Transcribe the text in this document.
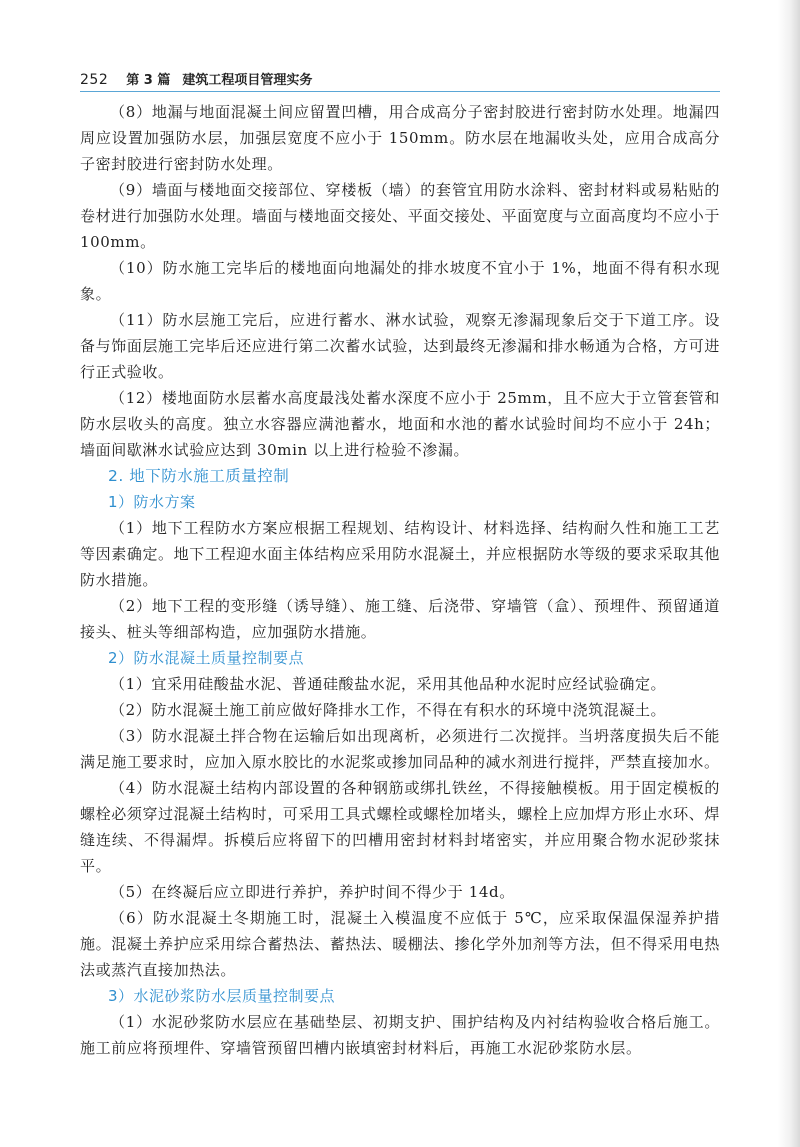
252 第 3 篇 建筑工程项目管理实务

（8）地漏与地面混凝土间应留置凹槽，用合成高分子密封胶进行密封防水处理。地漏四周应设置加强防水层，加强层宽度不应小于 150mm。防水层在地漏收头处，应用合成高分子密封胶进行密封防水处理。

（9）墙面与楼地面交接部位、穿楼板（墙）的套管宜用防水涂料、密封材料或易粘贴的卷材进行加强防水处理。墙面与楼地面交接处、平面交接处、平面宽度与立面高度均不应小于 100mm。

（10）防水施工完毕后的楼地面向地漏处的排水坡度不宜小于 1%，地面不得有积水现象。

（11）防水层施工完后，应进行蓄水、淋水试验，观察无渗漏现象后交于下道工序。设备与饰面层施工完毕后还应进行第二次蓄水试验，达到最终无渗漏和排水畅通为合格，方可进行正式验收。

（12）楼地面防水层蓄水高度最浅处蓄水深度不应小于 25mm，且不应大于立管套管和防水层收头的高度。独立水容器应满池蓄水，地面和水池的蓄水试验时间均不应小于 24h；墙面间歇淋水试验应达到 30min 以上进行检验不渗漏。

2. 地下防水施工质量控制

1）防水方案

（1）地下工程防水方案应根据工程规划、结构设计、材料选择、结构耐久性和施工工艺等因素确定。地下工程迎水面主体结构应采用防水混凝土，并应根据防水等级的要求采取其他防水措施。

（2）地下工程的变形缝（诱导缝）、施工缝、后浇带、穿墙管（盒）、预埋件、预留通道接头、桩头等细部构造，应加强防水措施。

2）防水混凝土质量控制要点

（1）宜采用硅酸盐水泥、普通硅酸盐水泥，采用其他品种水泥时应经试验确定。

（2）防水混凝土施工前应做好降排水工作，不得在有积水的环境中浇筑混凝土。

（3）防水混凝土拌合物在运输后如出现离析，必须进行二次搅拌。当坍落度损失后不能满足施工要求时，应加入原水胶比的水泥浆或掺加同品种的减水剂进行搅拌，严禁直接加水。

（4）防水混凝土结构内部设置的各种钢筋或绑扎铁丝，不得接触模板。用于固定模板的螺栓必须穿过混凝土结构时，可采用工具式螺栓或螺栓加堵头，螺栓上应加焊方形止水环、焊缝连续、不得漏焊。拆模后应将留下的凹槽用密封材料封堵密实，并应用聚合物水泥砂浆抹平。

（5）在终凝后应立即进行养护，养护时间不得少于 14d。

（6）防水混凝土冬期施工时，混凝土入模温度不应低于 5℃，应采取保温保湿养护措施。混凝土养护应采用综合蓄热法、蓄热法、暖棚法、掺化学外加剂等方法，但不得采用电热法或蒸汽直接加热法。

3）水泥砂浆防水层质量控制要点

（1）水泥砂浆防水层应在基础垫层、初期支护、围护结构及内衬结构验收合格后施工。施工前应将预埋件、穿墙管预留凹槽内嵌填密封材料后，再施工水泥砂浆防水层。
